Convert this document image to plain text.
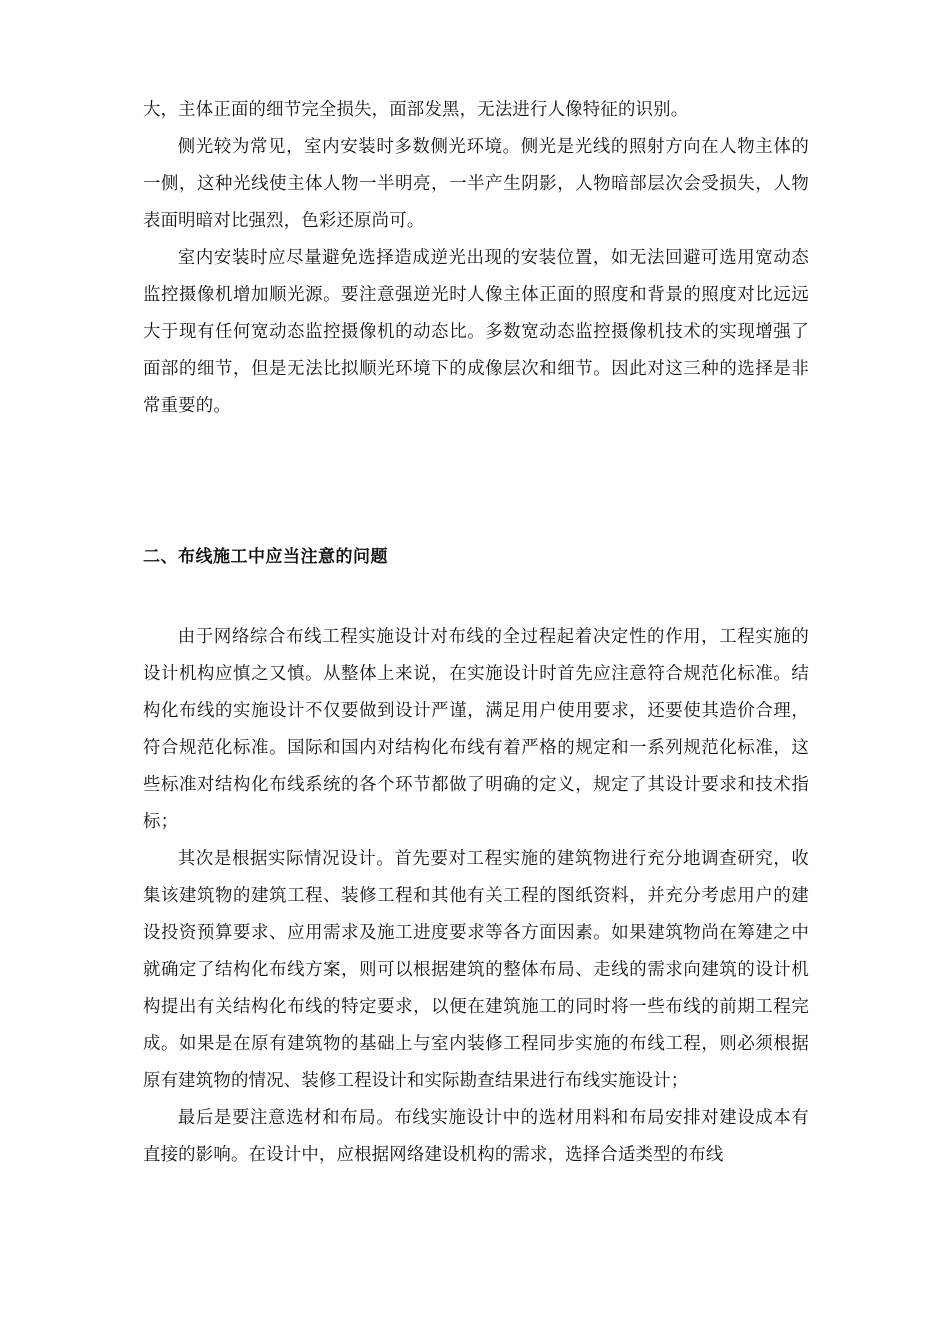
大，主体正面的细节完全损失，面部发黑，无法进行人像特征的识别。

侧光较为常见，室内安装时多数侧光环境。侧光是光线的照射方向在人物主体的一侧，这种光线使主体人物一半明亮，一半产生阴影，人物暗部层次会受损失，人物表面明暗对比强烈，色彩还原尚可。

室内安装时应尽量避免选择造成逆光出现的安装位置，如无法回避可选用宽动态监控摄像机增加顺光源。要注意强逆光时人像主体正面的照度和背景的照度对比远远大于现有任何宽动态监控摄像机的动态比。多数宽动态监控摄像机技术的实现增强了面部的细节，但是无法比拟顺光环境下的成像层次和细节。因此对这三种的选择是非常重要的。

二、布线施工中应当注意的问题

由于网络综合布线工程实施设计对布线的全过程起着决定性的作用，工程实施的设计机构应慎之又慎。从整体上来说，在实施设计时首先应注意符合规范化标准。结构化布线的实施设计不仅要做到设计严谨，满足用户使用要求，还要使其造价合理，符合规范化标准。国际和国内对结构化布线有着严格的规定和一系列规范化标准，这些标准对结构化布线系统的各个环节都做了明确的定义，规定了其设计要求和技术指标；

其次是根据实际情况设计。首先要对工程实施的建筑物进行充分地调查研究，收集该建筑物的建筑工程、装修工程和其他有关工程的图纸资料，并充分考虑用户的建设投资预算要求、应用需求及施工进度要求等各方面因素。如果建筑物尚在筹建之中就确定了结构化布线方案，则可以根据建筑的整体布局、走线的需求向建筑的设计机构提出有关结构化布线的特定要求，以便在建筑施工的同时将一些布线的前期工程完成。如果是在原有建筑物的基础上与室内装修工程同步实施的布线工程，则必须根据原有建筑物的情况、装修工程设计和实际勘查结果进行布线实施设计；

最后是要注意选材和布局。布线实施设计中的选材用料和布局安排对建设成本有直接的影响。在设计中，应根据网络建设机构的需求，选择合适类型的布线
